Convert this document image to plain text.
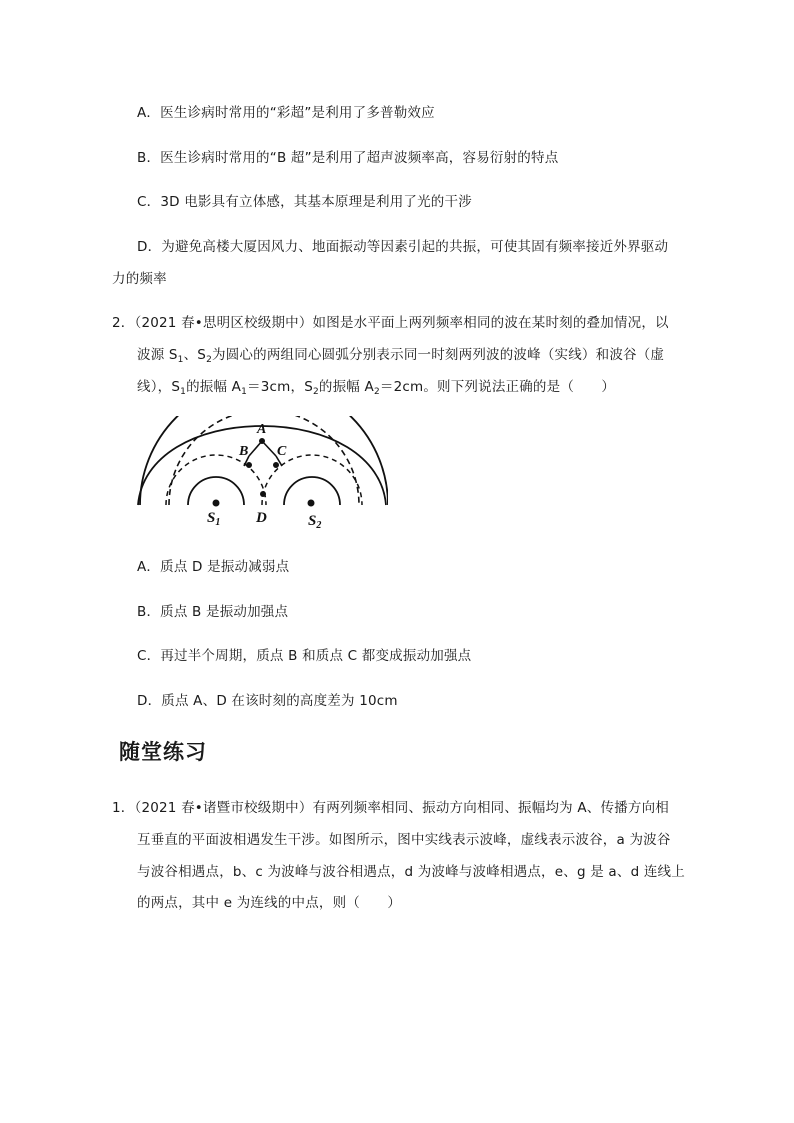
A．医生诊病时常用的“彩超”是利用了多普勒效应
B．医生诊病时常用的“B 超”是利用了超声波频率高，容易衍射的特点
C．3D 电影具有立体感，其基本原理是利用了光的干涉
D．为避免高楼大厦因风力、地面振动等因素引起的共振，可使其固有频率接近外界驱动
力的频率
2．（2021 春•思明区校级期中）如图是水平面上两列频率相同的波在某时刻的叠加情况，以
波源 $S_1$、$S_2$为圆心的两组同心圆弧分别表示同一时刻两列波的波峰（实线）和波谷（虚
线），$S_1$的振幅 $A_1=3cm$，$S_2$的振幅 $A_2=2cm$。则下列说法正确的是（　　）
A
B C
D
$S_1$	$S_2$
A．质点 D 是振动减弱点
B．质点 B 是振动加强点
C．再过半个周期，质点 B 和质点 C 都变成振动加强点
D．质点 A、D 在该时刻的高度差为 10cm
随堂练习
1．（2021 春•诸暨市校级期中）有两列频率相同、振动方向相同、振幅均为 A、传播方向相
互垂直的平面波相遇发生干涉。如图所示，图中实线表示波峰，虚线表示波谷，a 为波谷
与波谷相遇点，b、c 为波峰与波谷相遇点，d 为波峰与波峰相遇点，e、g 是 a、d 连线上
的两点，其中 e 为连线的中点，则（　　）
